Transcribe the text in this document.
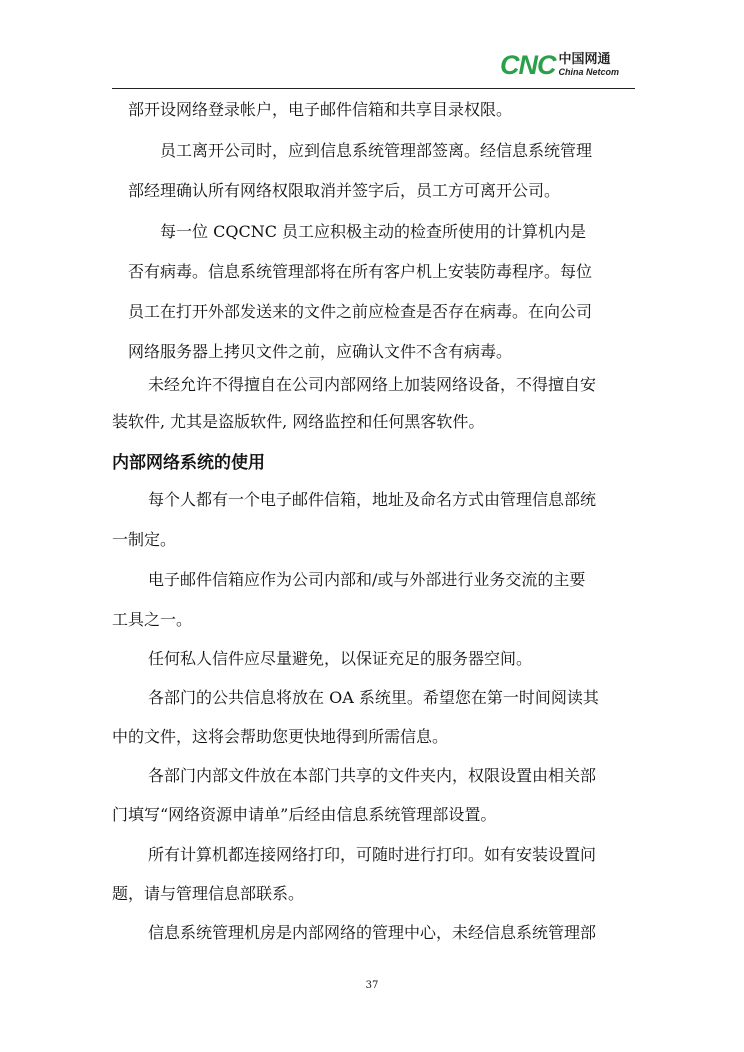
CNC 中国网通
China Netcom
部开设网络登录帐户，电子邮件信箱和共享目录权限。
员工离开公司时，应到信息系统管理部签离。经信息系统管理
部经理确认所有网络权限取消并签字后，员工方可离开公司。
每一位 CQCNC 员工应积极主动的检查所使用的计算机内是
否有病毒。信息系统管理部将在所有客户机上安装防毒程序。每位
员工在打开外部发送来的文件之前应检查是否存在病毒。在向公司
网络服务器上拷贝文件之前，应确认文件不含有病毒。
未经允许不得擅自在公司内部网络上加装网络设备，不得擅自安
装软件, 尤其是盗版软件, 网络监控和任何黑客软件。
内部网络系统的使用
每个人都有一个电子邮件信箱，地址及命名方式由管理信息部统
一制定。
电子邮件信箱应作为公司内部和/或与外部进行业务交流的主要
工具之一。
任何私人信件应尽量避免，以保证充足的服务器空间。
各部门的公共信息将放在 OA 系统里。希望您在第一时间阅读其
中的文件，这将会帮助您更快地得到所需信息。
各部门内部文件放在本部门共享的文件夹内，权限设置由相关部
门填写“网络资源申请单”后经由信息系统管理部设置。
所有计算机都连接网络打印，可随时进行打印。如有安装设置问
题，请与管理信息部联系。
信息系统管理机房是内部网络的管理中心，未经信息系统管理部
37
